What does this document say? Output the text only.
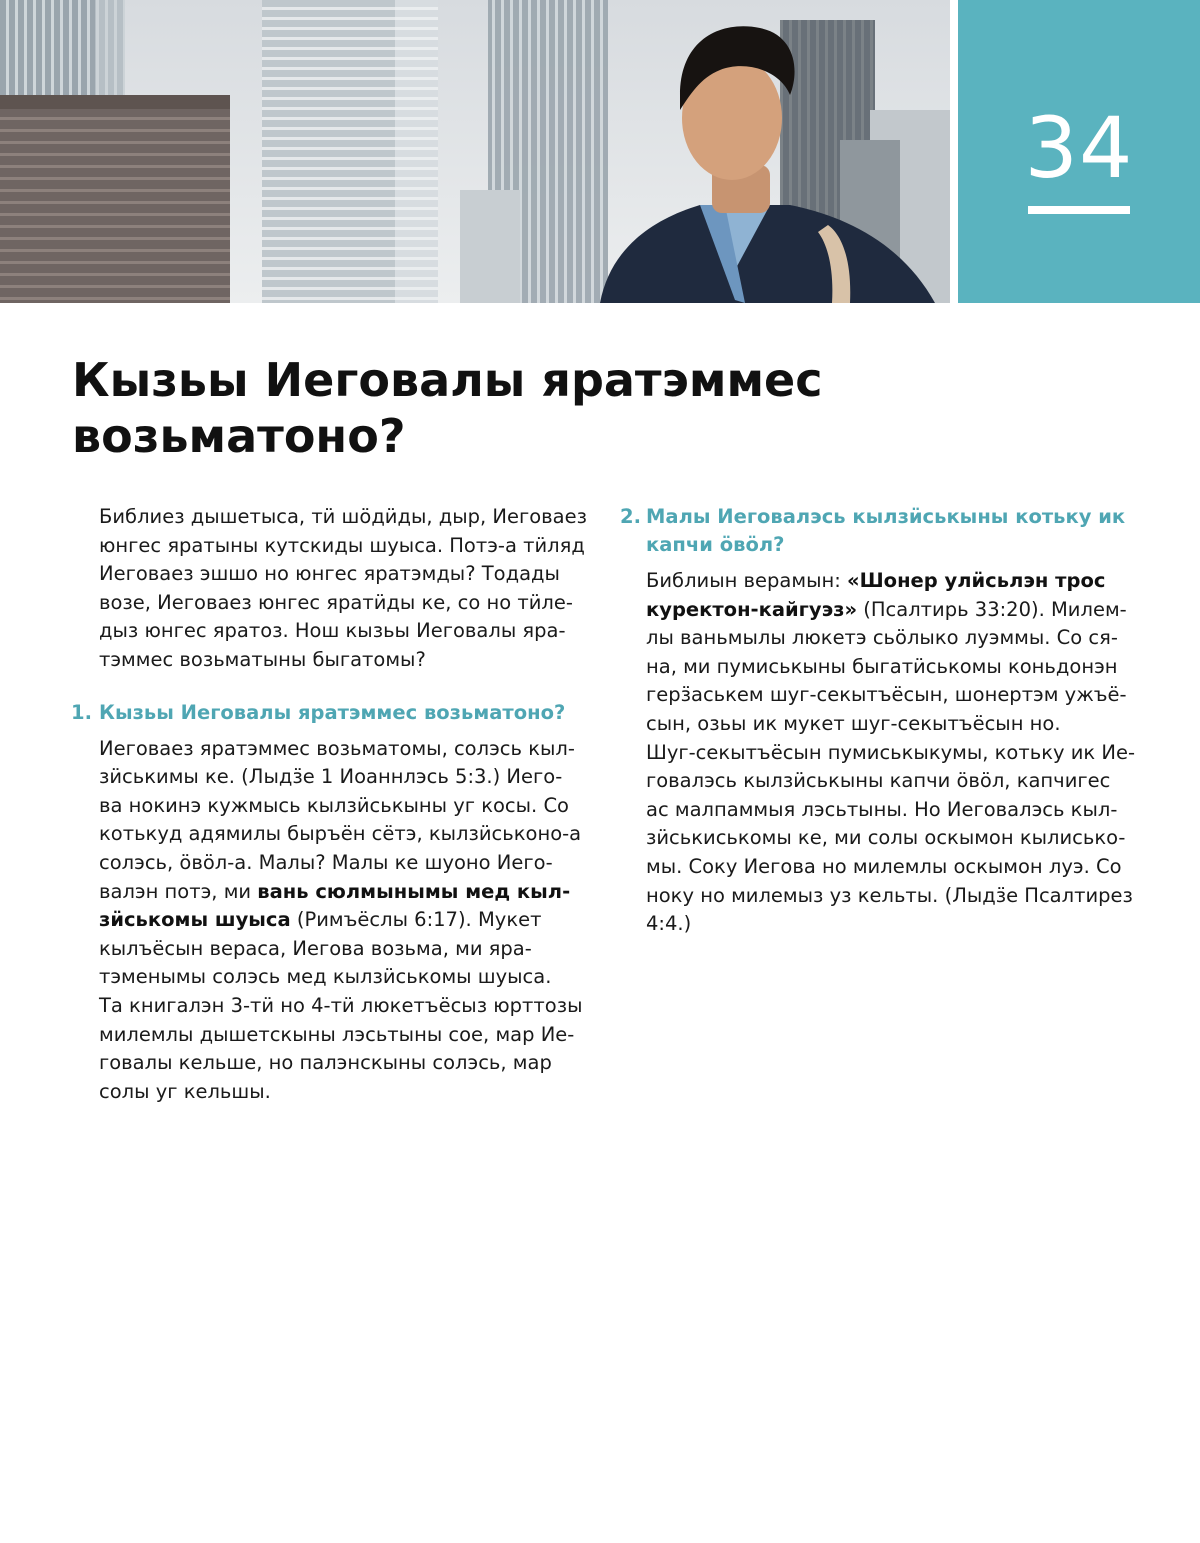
34
Кызьы Иеговалы яратэммес возьматоно?

Библиез дышетыса, тӥ шӧдӥды, дыр, Иеговаез
юнгес яратыны кутскиды шуыса. Потэ-а тӥляд
Иеговаез эшшо но юнгес яратэмды? Тодады
возе, Иеговаез юнгес яратӥды ке, со но тӥле-
дыз юнгес яратоз. Нош кызьы Иеговалы яра-
тэммес возьматыны быгатомы?

1. Кызьы Иеговалы яратэммес возьматоно?

Иеговаез яратэммес возьматомы, солэсь кыл-
зӥськимы ке. (Лыдӟе 1 Иоаннлэсь 5:3.) Иего-
ва нокинэ кужмысь кылзӥськыны уг косы. Со
котькуд адямилы быръён сётэ, кылзӥськоно-а
солэсь, ӧвӧл-а. Малы? Малы ке шуоно Иего-
валэн потэ, ми вань сюлмынымы мед кыл-
зӥськомы шуыса (Римъёслы 6:17). Мукет
кылъёсын вераса, Иегова возьма, ми яра-
тэменымы солэсь мед кылзӥськомы шуыса.
Та книгалэн 3-тӥ но 4-тӥ люкетъёсыз юрттозы
милемлы дышетскыны лэсьтыны сое, мар Ие-
говалы кельше, но палэнскыны солэсь, мар
солы уг кельшы.

2. Малы Иеговалэсь кылзӥськыны котьку ик
капчи ӧвӧл?

Библиын верамын: «Шонер улӥсьлэн трос
куректон-кайгуэз» (Псалтирь 33:20). Милем-
лы ваньмылы люкетэ сьӧлыко луэммы. Со ся-
на, ми пумиськыны быгатӥськомы коньдонэн
герӟаськем шуг-секытъёсын, шонертэм ужъё-
сын, озьы ик мукет шуг-секытъёсын но.
Шуг-секытъёсын пумиськыкумы, котьку ик Ие-
говалэсь кылзӥськыны капчи ӧвӧл, капчигес
ас малпаммыя лэсьтыны. Но Иеговалэсь кыл-
зӥськиськомы ке, ми солы оскымон кылиськo-
мы. Соку Иегова но милемлы оскымон луэ. Со
ноку но милемыз уз кельты. (Лыдӟе Псалтирез
4:4.)
